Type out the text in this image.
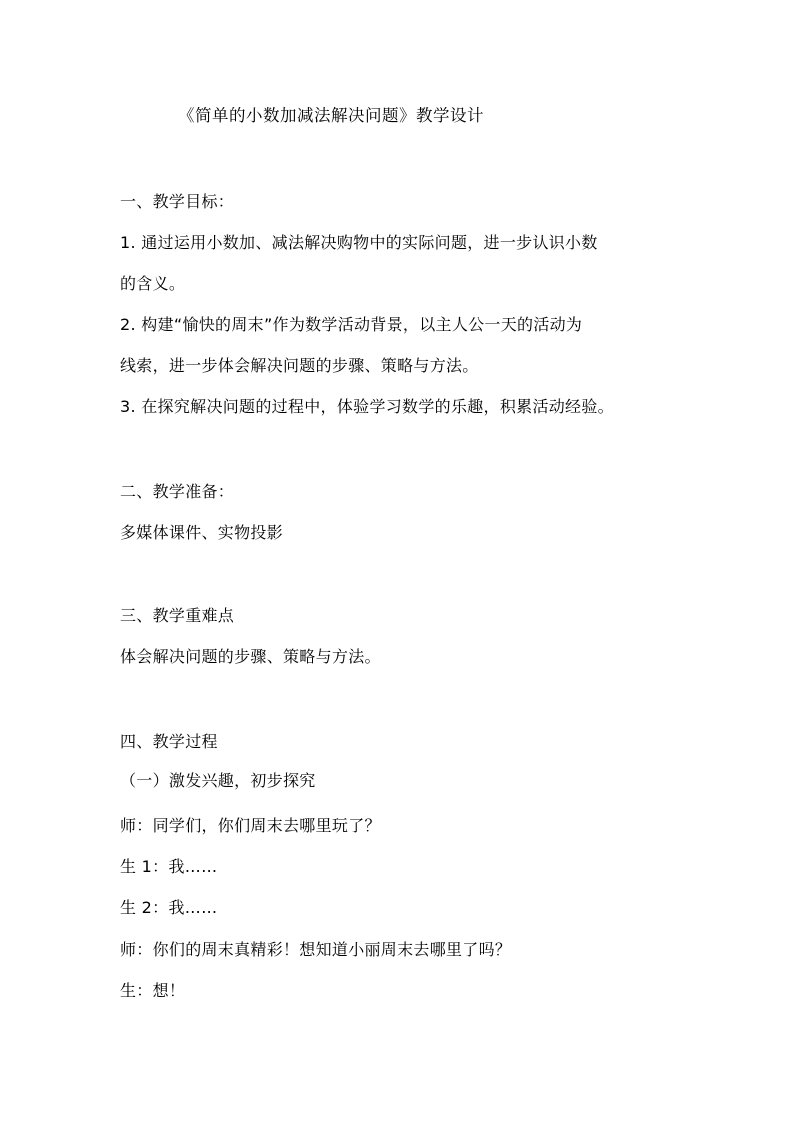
《简单的小数加减法解决问题》教学设计
一、教学目标：
1. 通过运用小数加、减法解决购物中的实际问题，进一步认识小数
的含义。
2. 构建“愉快的周末”作为数学活动背景，以主人公一天的活动为
线索，进一步体会解决问题的步骤、策略与方法。
3. 在探究解决问题的过程中，体验学习数学的乐趣，积累活动经验。
二、教学准备：
多媒体课件、实物投影
三、教学重难点
体会解决问题的步骤、策略与方法。
四、教学过程
（一）激发兴趣，初步探究
师：同学们，你们周末去哪里玩了？
生 1：我……
生 2：我……
师：你们的周末真精彩！想知道小丽周末去哪里了吗？
生：想！
